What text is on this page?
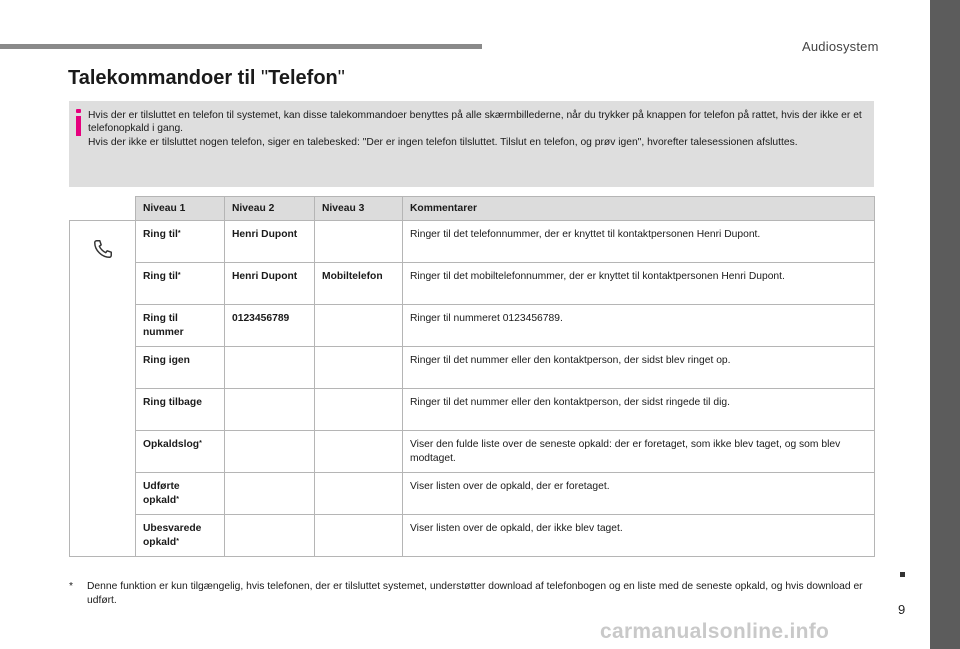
Audiosystem
9
Talekommandoer til "Telefon"

Hvis der er tilsluttet en telefon til systemet, kan disse talekommandoer benyttes på alle skærmbillederne, når du trykker på knappen for telefon på rattet, hvis der ikke er et telefonopkald i gang.

Hvis der ikke er tilsluttet nogen telefon, siger en talebesked: "Der er ingen telefon tilsluttet. Tilslut en telefon, og prøv igen", hvorefter talesessionen afsluttes.

	Niveau 1	Niveau 2	Niveau 3	Kommentarer

	Ring til*	Henri Dupont		Ringer til det telefonnummer, der er knyttet til kontaktpersonen Henri Dupont.
	Ring til*	Henri Dupont	Mobiltelefon	Ringer til det mobiltelefonnummer, der er knyttet til kontaktpersonen Henri Dupont.
	Ring til nummer	0123456789		Ringer til nummeret 0123456789.
	Ring igen			Ringer til det nummer eller den kontaktperson, der sidst blev ringet op.
	Ring tilbage			Ringer til det nummer eller den kontaktperson, der sidst ringede til dig.
	Opkaldslog*			Viser den fulde liste over de seneste opkald: der er foretaget, som ikke blev taget, og som blev modtaget.
	Udførte opkald*			Viser listen over de opkald, der er foretaget.
	Ubesvarede opkald*			Viser listen over de opkald, der ikke blev taget.
* Denne funktion er kun tilgængelig, hvis telefonen, der er tilsluttet systemet, understøtter download af telefonbogen og en liste med de seneste opkald, og hvis download er udført.
carmanualsonline.info
